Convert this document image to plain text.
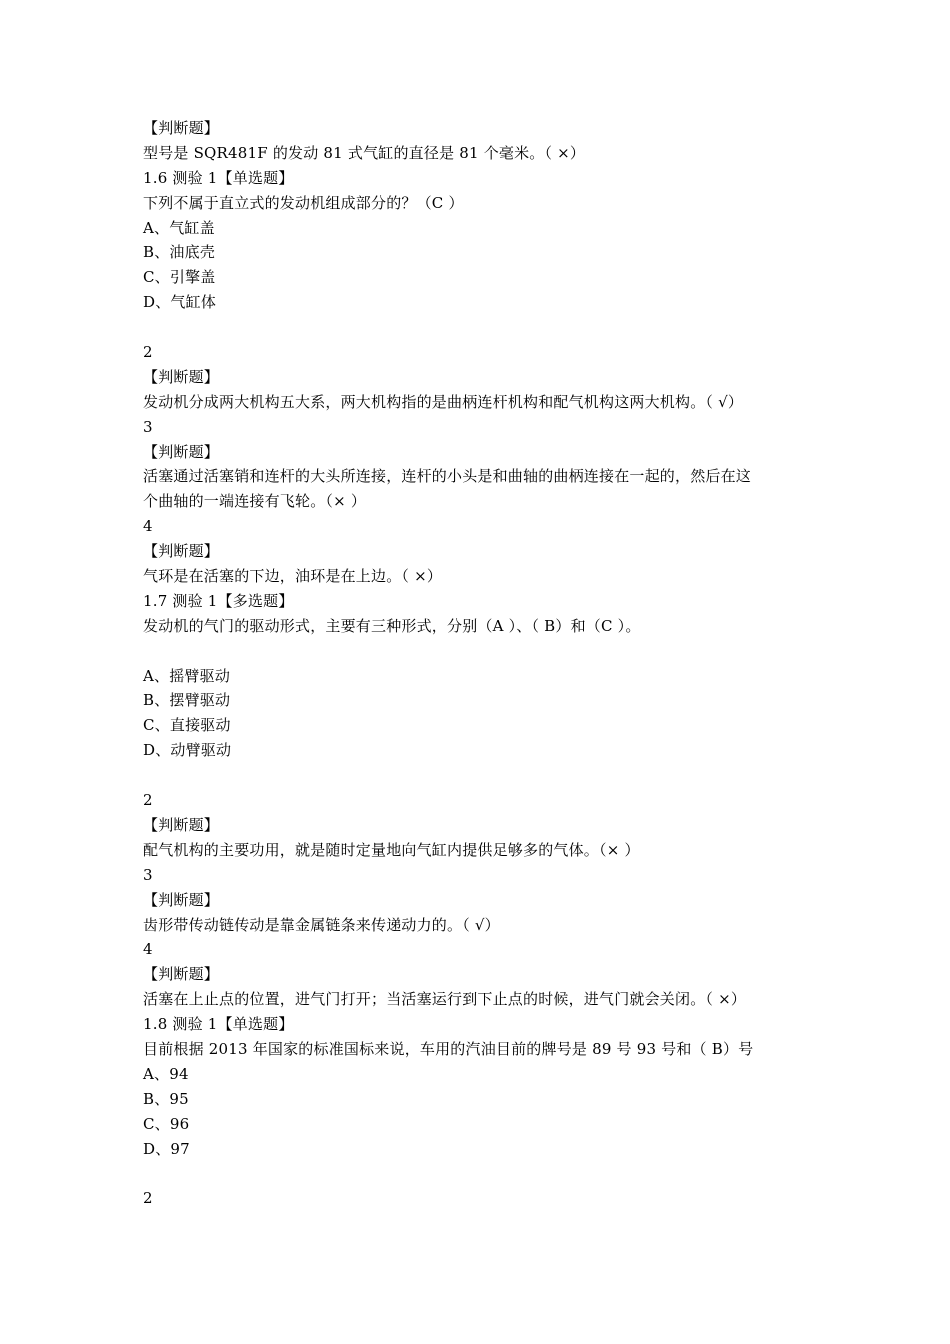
【判断题】
型号是 SQR481F 的发动 81 式气缸的直径是 81 个毫米。（ ×）
1.6 测验 1【单选题】
下列不属于直立式的发动机组成部分的？（C ）
A、气缸盖
B、油底壳
C、引擎盖
D、气缸体
2
【判断题】
发动机分成两大机构五大系，两大机构指的是曲柄连杆机构和配气机构这两大机构。（ √）
3
【判断题】
活塞通过活塞销和连杆的大头所连接，连杆的小头是和曲轴的曲柄连接在一起的，然后在这
个曲轴的一端连接有飞轮。（× ）
4
【判断题】
气环是在活塞的下边，油环是在上边。（ ×）
1.7 测验 1【多选题】
发动机的气门的驱动形式，主要有三种形式，分别（A ）、（ B）和（C ）。
A、摇臂驱动
B、摆臂驱动
C、直接驱动
D、动臂驱动
2
【判断题】
配气机构的主要功用，就是随时定量地向气缸内提供足够多的气体。（× ）
3
【判断题】
齿形带传动链传动是靠金属链条来传递动力的。（ √）
4
【判断题】
活塞在上止点的位置，进气门打开；当活塞运行到下止点的时候，进气门就会关闭。（ ×）
1.8 测验 1【单选题】
目前根据 2013 年国家的标准国标来说，车用的汽油目前的牌号是 89 号 93 号和（ B）号
A、94
B、95
C、96
D、97
2
